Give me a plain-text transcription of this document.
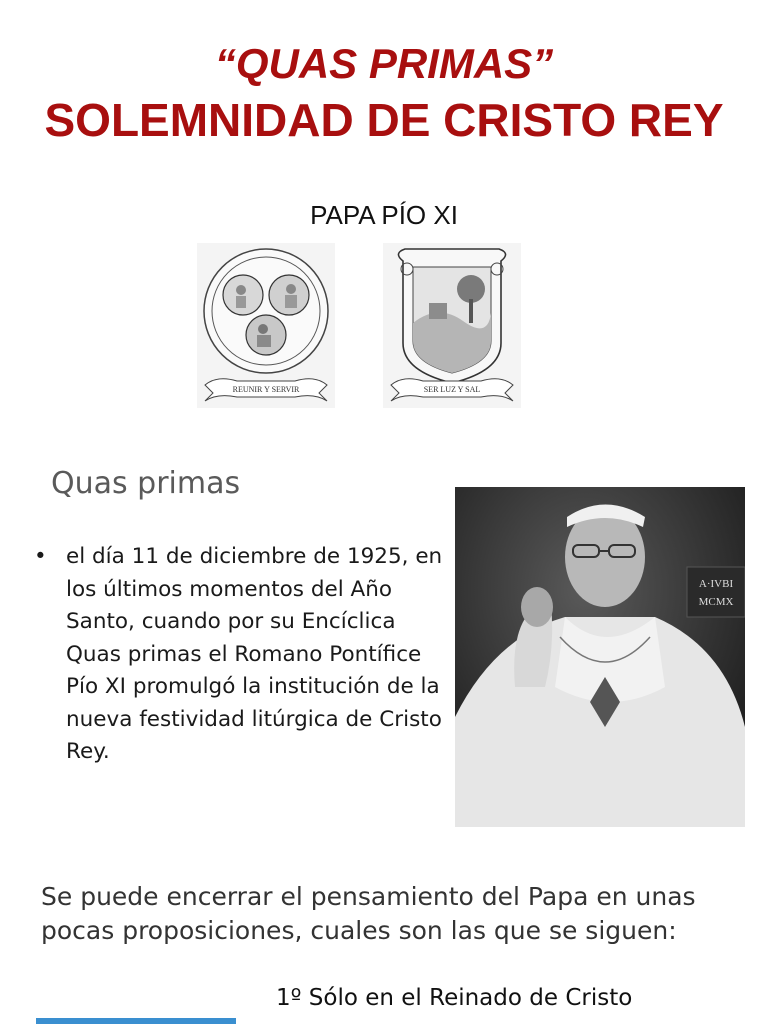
“QUAS PRIMAS”
SOLEMNIDAD DE CRISTO REY
PAPA PÍO XI
REUNIR Y SERVIR	SER LUZ Y SAL
Quas primas
• el día 11 de diciembre de 1925, en los últimos momentos del Año Santo, cuando por su Encíclica Quas primas el Romano Pontífice Pío XI promulgó la institución de la nueva festividad litúrgica de Cristo Rey.
A·IVBI
MCMX
Se puede encerrar el pensamiento del Papa en unas pocas proposiciones, cuales son las que se siguen:
1º Sólo en el Reinado de Cristo
